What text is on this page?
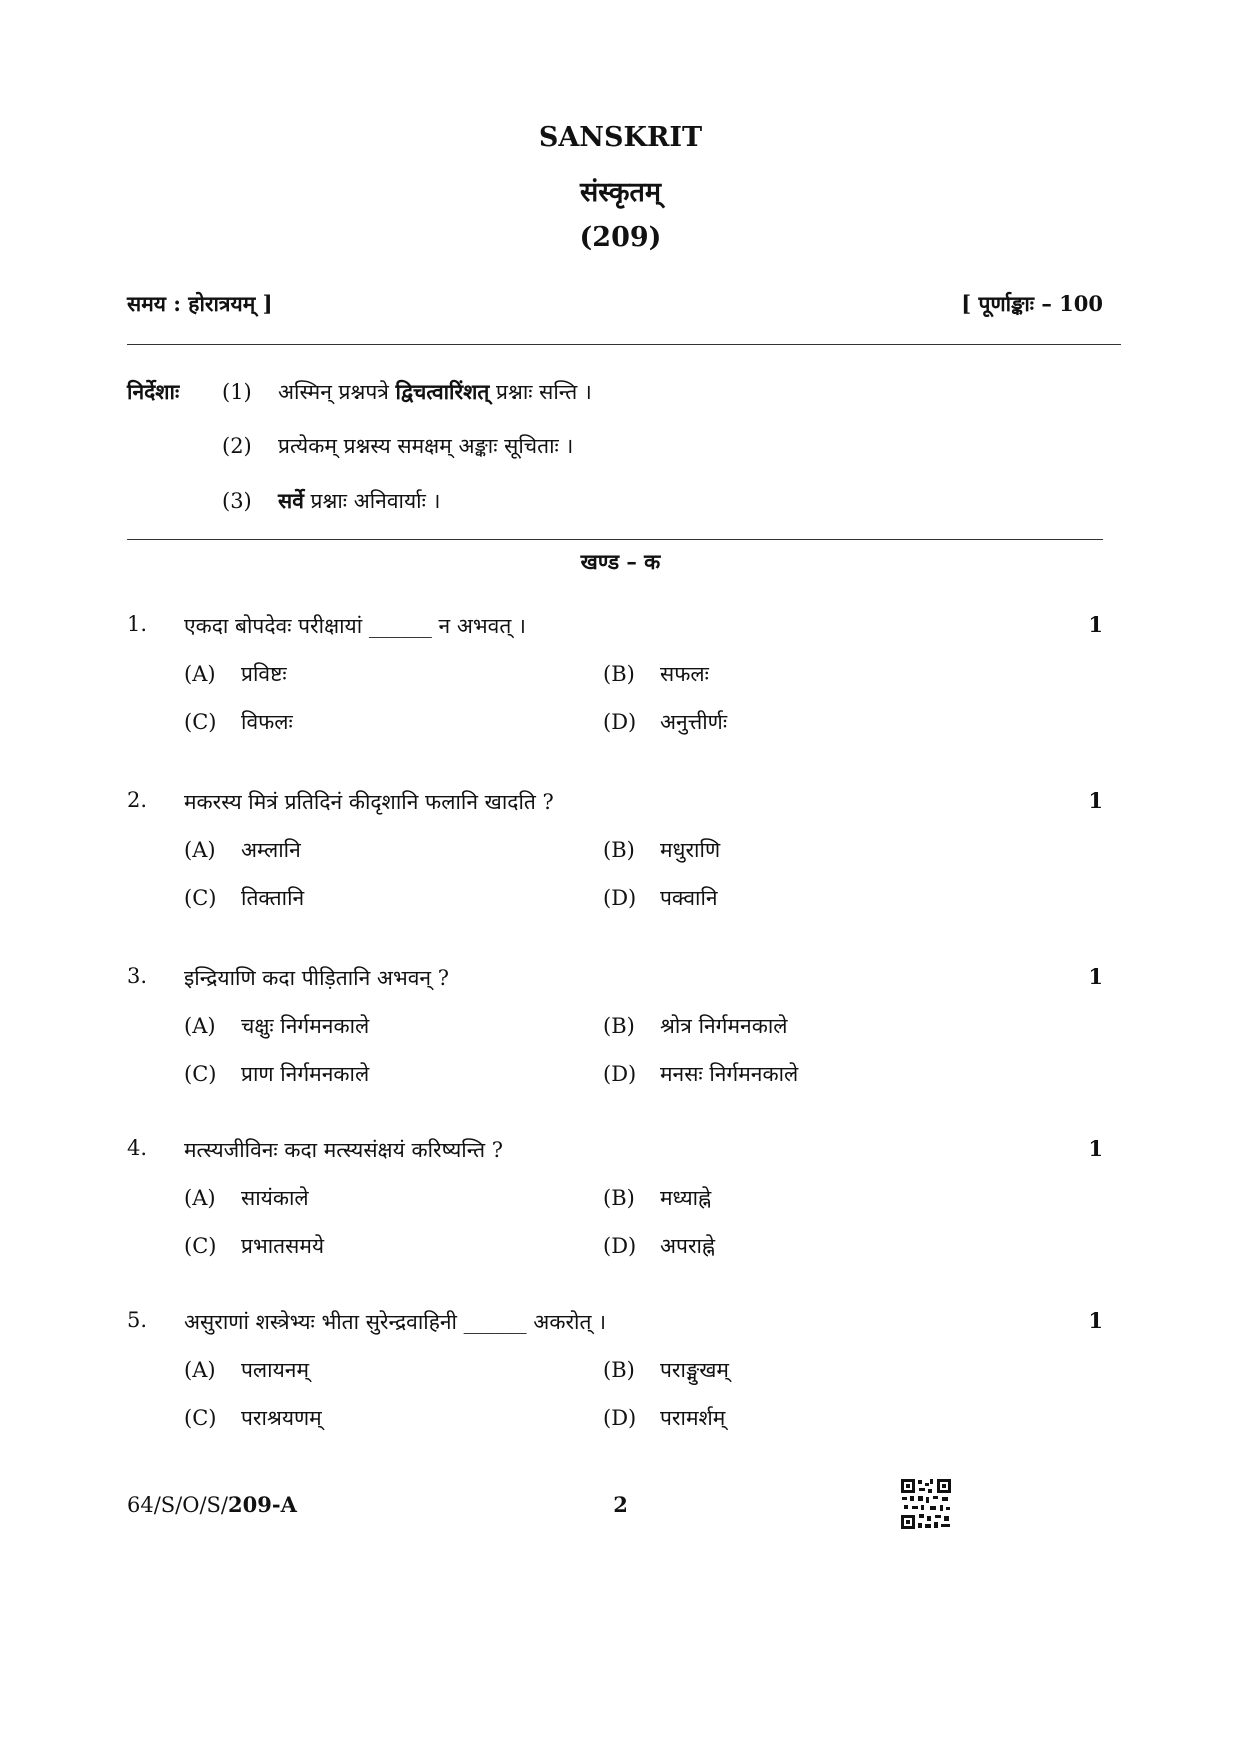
SANSKRIT
संस्कृतम्
(209)
समय : होरात्रयम् ]	[ पूर्णाङ्काः – 100
निर्देशाः (1) अस्मिन् प्रश्नपत्रे द्विचत्वारिंशत् प्रश्नाः सन्ति ।
(2) प्रत्येकम् प्रश्नस्य समक्षम् अङ्काः सूचिताः ।
(3) सर्वे प्रश्नाः अनिवार्याः ।
खण्ड – क
1. एकदा बोपदेवः परीक्षायां ______ न अभवत् ।	1
(A) प्रविष्टः	(B) सफलः
(C) विफलः	(D) अनुत्तीर्णः
2. मकरस्य मित्रं प्रतिदिनं कीदृशानि फलानि खादति ?	1
(A) अम्लानि	(B) मधुराणि
(C) तिक्तानि	(D) पक्वानि
3. इन्द्रियाणि कदा पीड़ितानि अभवन् ?	1
(A) चक्षुः निर्गमनकाले	(B) श्रोत्र निर्गमनकाले
(C) प्राण निर्गमनकाले	(D) मनसः निर्गमनकाले
4. मत्स्यजीविनः कदा मत्स्यसंक्षयं करिष्यन्ति ?	1
(A) सायंकाले	(B) मध्याह्ने
(C) प्रभातसमये	(D) अपराह्ने
5. असुराणां शस्त्रेभ्यः भीता सुरेन्द्रवाहिनी ______ अकरोत् ।	1
(A) पलायनम्	(B) पराङ्मुखम्
(C) पराश्रयणम्	(D) परामर्शम्
64/S/O/S/209-A	2
